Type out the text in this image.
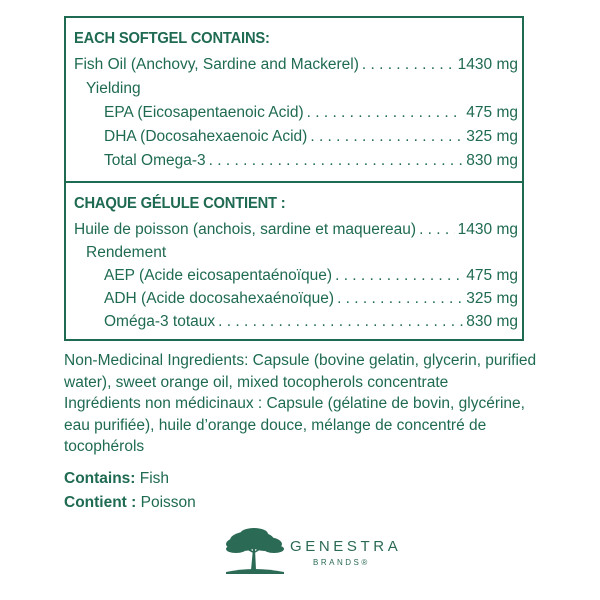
EACH SOFTGEL CONTAINS:
Fish Oil (Anchovy, Sardine and Mackerel) . . .	1430 mg
Yielding
EPA (Eicosapentaenoic Acid) . . .	475 mg
DHA (Docosahexaenoic Acid) . . .	325 mg
Total Omega-3 . . .	830 mg
CHAQUE GÉLULE CONTIENT :
Huile de poisson (anchois, sardine et maquereau) . . .	1430 mg
Rendement
AEP (Acide eicosapentaénoïque) . . .	475 mg
ADH (Acide docosahexaénoïque) . . .	325 mg
Oméga-3 totaux . . .	830 mg

Non-Medicinal Ingredients: Capsule (bovine gelatin, glycerin, purified water), sweet orange oil, mixed tocopherols concentrate

Ingrédients non médicinaux : Capsule (gélatine de bovin, glycérine, eau purifiée), huile d’orange douce, mélange de concentré de tocophérols

Contains: Fish
Contient : Poisson
GENESTRA
BRANDS®
